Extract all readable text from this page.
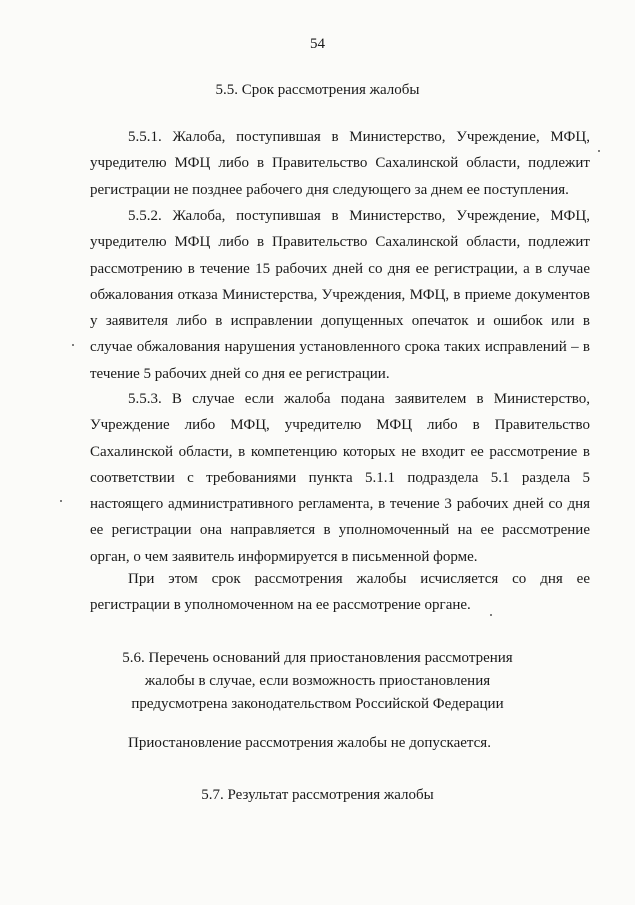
54
5.5. Срок рассмотрения жалобы

5.5.1. Жалоба, поступившая в Министерство, Учреждение, МФЦ, учредителю МФЦ либо в Правительство Сахалинской области, подлежит регистрации не позднее рабочего дня следующего за днем ее поступления.

5.5.2. Жалоба, поступившая в Министерство, Учреждение, МФЦ, учредителю МФЦ либо в Правительство Сахалинской области, подлежит рассмотрению в течение 15 рабочих дней со дня ее регистрации, а в случае обжалования отказа Министерства, Учреждения, МФЦ, в приеме документов у заявителя либо в исправлении допущенных опечаток и ошибок или в случае обжалования нарушения установленного срока таких исправлений – в течение 5 рабочих дней со дня ее регистрации.

5.5.3. В случае если жалоба подана заявителем в Министерство, Учреждение либо МФЦ, учредителю МФЦ либо в Правительство Сахалинской области, в компетенцию которых не входит ее рассмотрение в соответствии с требованиями пункта 5.1.1 подраздела 5.1 раздела 5 настоящего административного регламента, в течение 3 рабочих дней со дня ее регистрации она направляется в уполномоченный на ее рассмотрение орган, о чем заявитель информируется в письменной форме.

При этом срок рассмотрения жалобы исчисляется со дня ее регистрации в уполномоченном на ее рассмотрение органе.

5.6. Перечень оснований для приостановления рассмотрения
жалобы в случае, если возможность приостановления
предусмотрена законодательством Российской Федерации

Приостановление рассмотрения жалобы не допускается.

5.7. Результат рассмотрения жалобы
